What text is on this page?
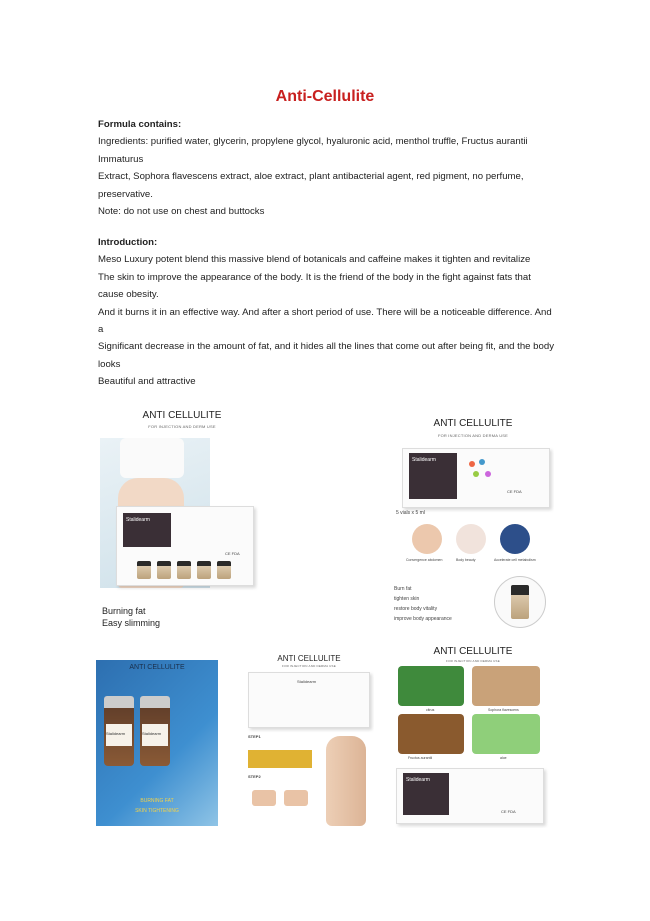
Anti-Cellulite

Formula contains:

Ingredients: purified water, glycerin, propylene glycol, hyaluronic acid, menthol truffle, Fructus aurantii Immaturus

Extract, Sophora flavescens extract, aloe extract, plant antibacterial agent, red pigment, no perfume, preservative.

Note: do not use on chest and buttocks

Introduction:

Meso Luxury potent blend this massive blend of botanicals and caffeine makes it tighten and revitalize

The skin to improve the appearance of the body. It is the friend of the body in the fight against fats that cause obesity.

And it burns it in an effective way. And after a short period of use. There will be a noticeable difference. And a

Significant decrease in the amount of fat, and it hides all the lines that come out after being fit, and the body looks

Beautiful and attractive

ANTI CELLULITE
FOR INJECTION AND DERM USE
Stalidearm
CE FDA
Burning fat
Easy slimming
ANTI CELLULITE
FOR INJECTION AND DERMA USE
Stalidearm
CE FDA
5 vials x 5 ml
Convergence abdomen	Body beauty	Accelerate cell metabolism
Burn fat
tighten skin
restore body vitality
improve body appearance
ANTI CELLULITE
Stalidearm	Stalidearm
BURNING FAT
SKIN TIGHTENING
ANTI CELLULITE
FOR INJECTION AND DERMA USE
Stalidearm
STEP1
STEP2
ANTI CELLULITE
FOR INJECTION AND DERMA USE
citrus	Sophora flavescens
Fructus aurantii	aloe
Stalidearm
CE FDA
